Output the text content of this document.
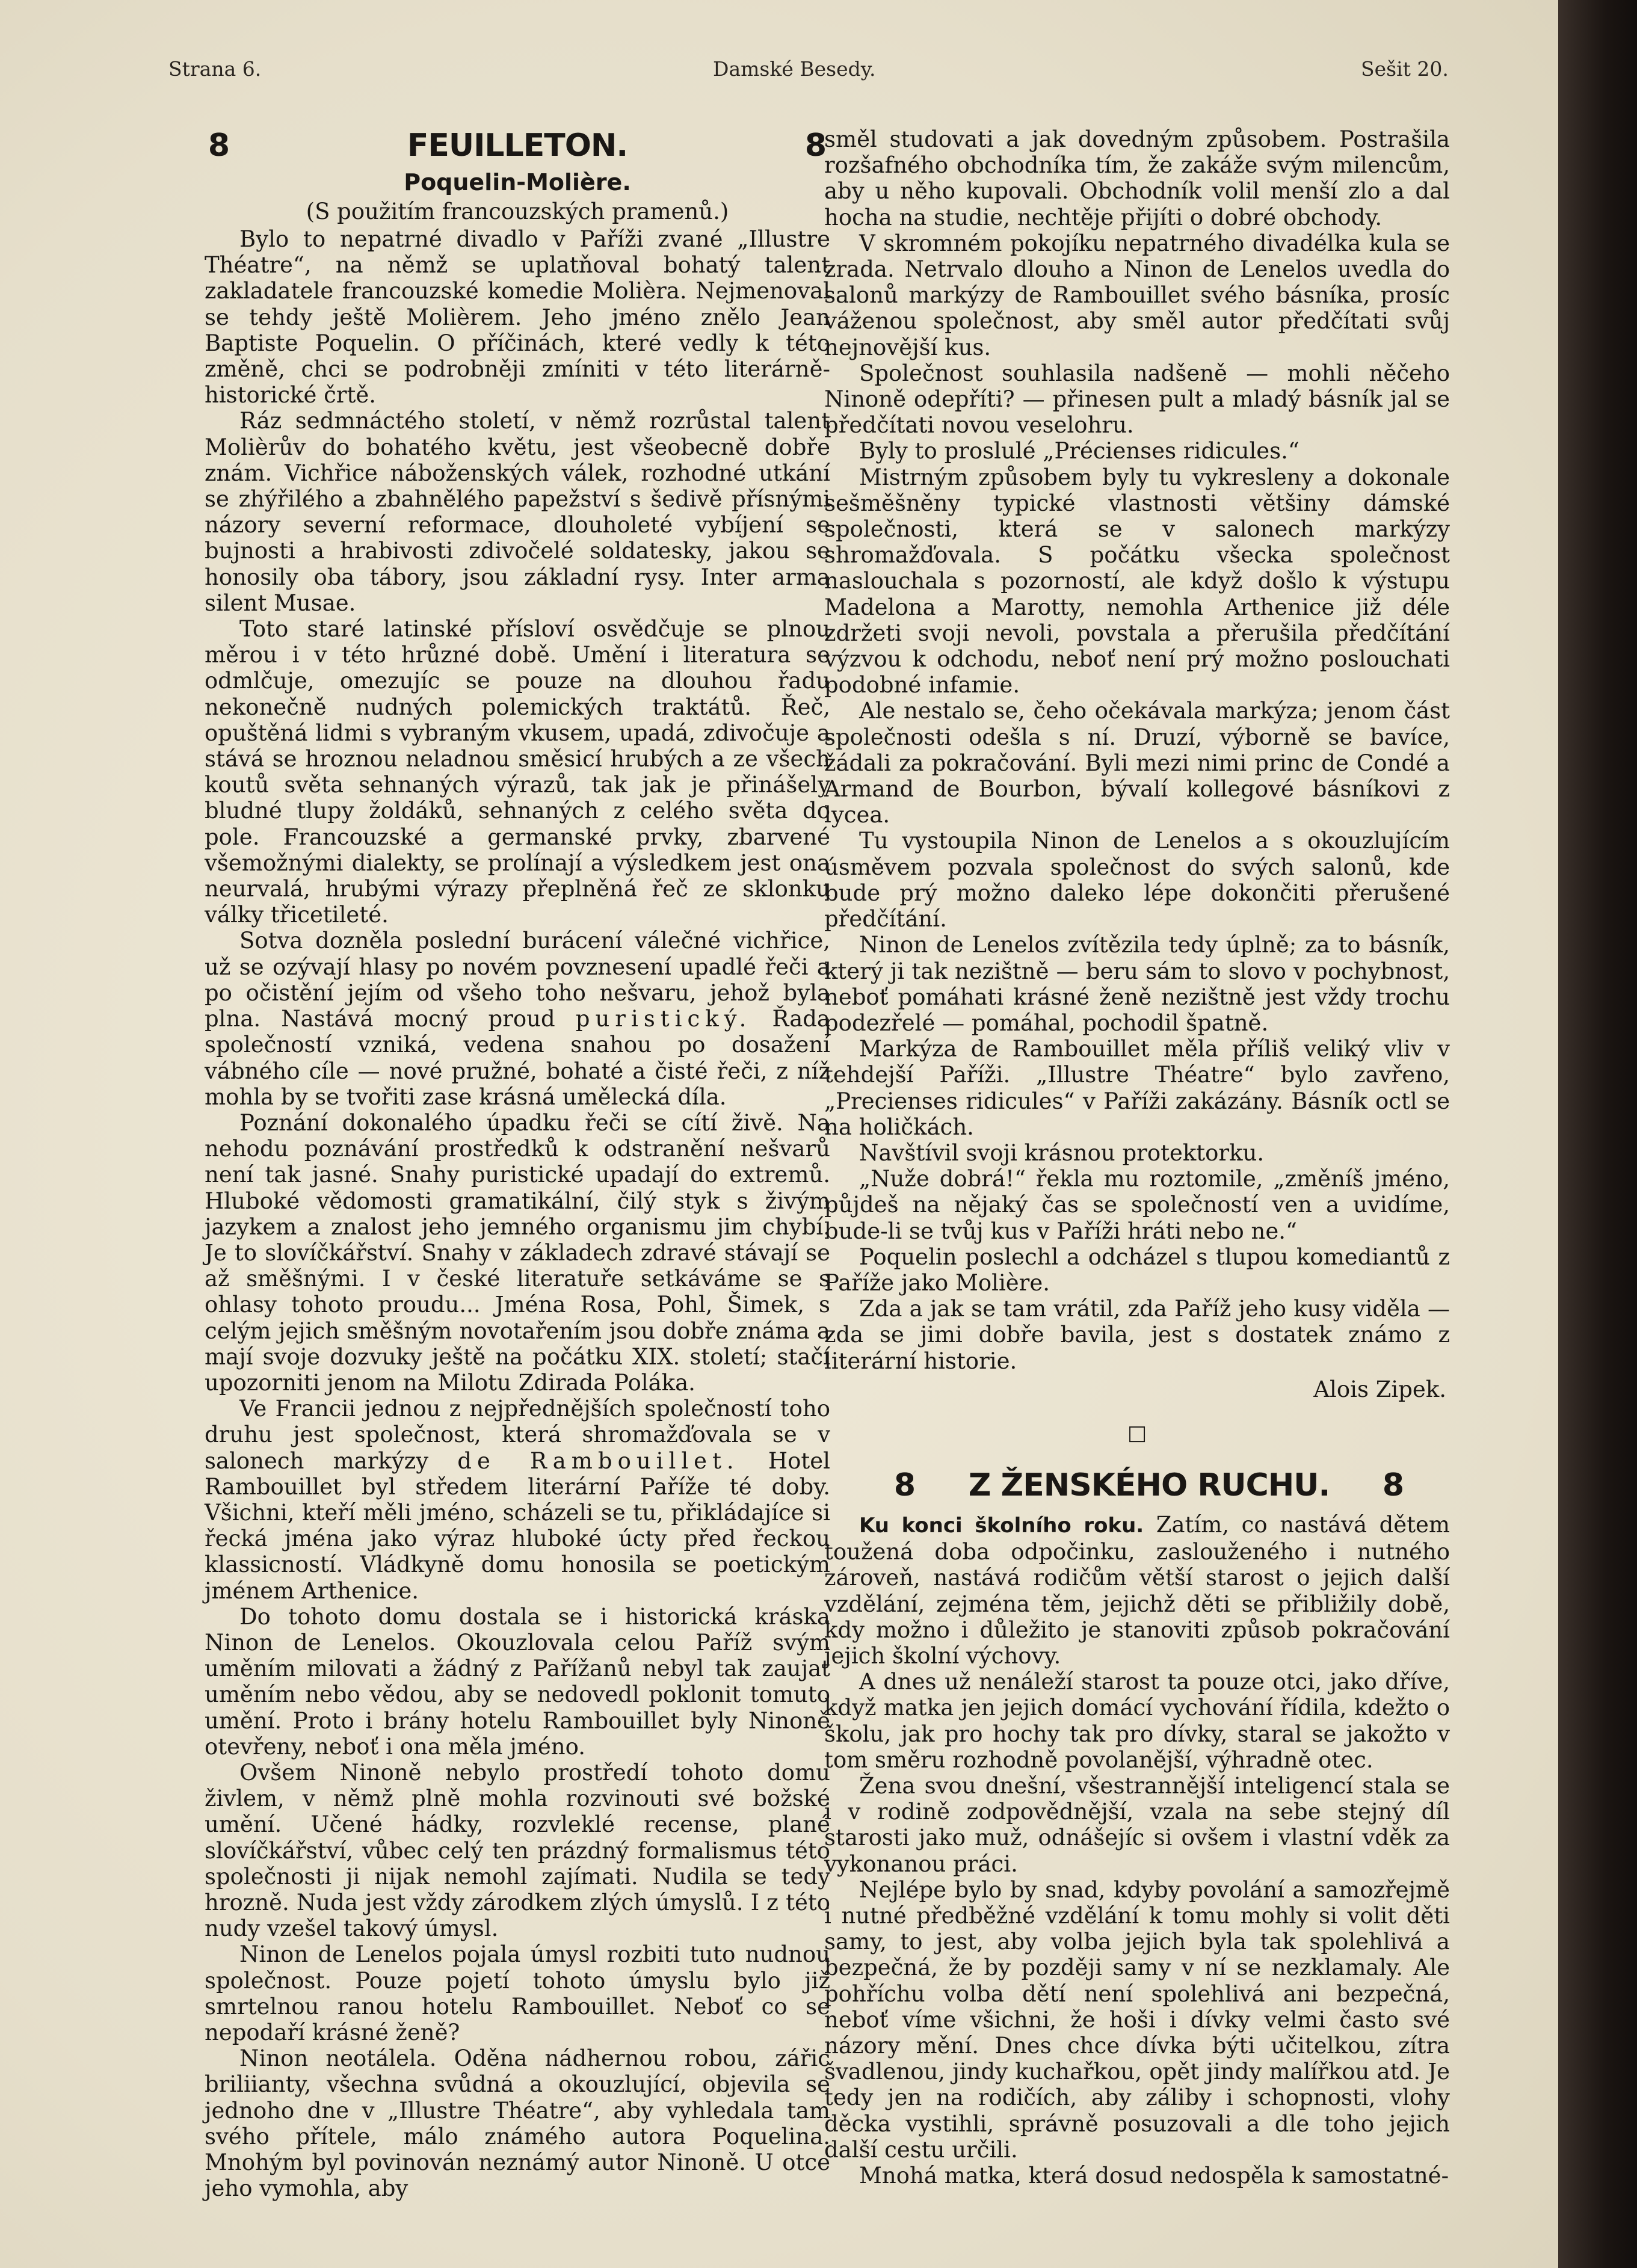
Strana 6.	Damské Besedy.	Sešit 20.
8	FEUILLETON.	8
Poquelin-Molière.
(S použitím francouzských pramenů.)

Bylo to nepatrné divadlo v Paříži zvané „Illustre Théatre“, na němž se uplatňoval bohatý talent zakladatele francouzské komedie Molièra. Nejmenoval se tehdy ještě Molièrem. Jeho jméno znělo Jean Baptiste Poquelin. O příčinách, které vedly k této změně, chci se podrobněji zmíniti v této literárně-historické črtě.

Ráz sedmnáctého století, v němž rozrůstal talent Molièrův do bohatého květu, jest všeobecně dobře znám. Vichřice náboženských válek, rozhodné utkání se zhýřilého a zbahnělého papežství s šedivě přísnými názory severní reformace, dlouholeté vybíjení se bujnosti a hrabivosti zdivočelé soldatesky, jakou se honosily oba tábory, jsou základní rysy. Inter arma silent Musae.

Toto staré latinské přísloví osvědčuje se plnou měrou i v této hrůzné době. Umění i literatura se odmlčuje, omezujíc se pouze na dlouhou řadu nekonečně nudných polemických traktátů. Řeč, opuštěná lidmi s vybraným vkusem, upadá, zdivočuje a stává se hroznou neladnou směsicí hrubých a ze všech koutů světa sehnaných výrazů, tak jak je přinášely bludné tlupy žoldáků, sehnaných z celého světa do pole. Francouzské a germanské prvky, zbarvené všemožnými dialekty, se prolínají a výsledkem jest ona neurvalá, hrubými výrazy přeplněná řeč ze sklonku války třicetileté.

Sotva dozněla poslední burácení válečné vichřice, už se ozývají hlasy po novém povznesení upadlé řeči a po očistění jejím od všeho toho nešvaru, jehož byla plna. Nastává mocný proud puristický. Řada společností vzniká, vedena snahou po dosažení vábného cíle — nové pružné, bohaté a čisté řeči, z níž mohla by se tvořiti zase krásná umělecká díla.

Poznání dokonalého úpadku řeči se cítí živě. Na nehodu poznávání prostředků k odstranění nešvarů není tak jasné. Snahy puristické upadají do extremů. Hluboké vědomosti gramatikální, čilý styk s živým jazykem a znalost jeho jemného organismu jim chybí. Je to slovíčkářství. Snahy v základech zdravé stávají se až směšnými. I v české literatuře setkáváme se s ohlasy tohoto proudu... Jména Rosa, Pohl, Šimek, s celým jejich směšným novotařením jsou dobře známa a mají svoje dozvuky ještě na počátku XIX. století; stačí upozorniti jenom na Milotu Zdirada Poláka.

Ve Francii jednou z nejpřednějších společností toho druhu jest společnost, která shromažďovala se v salonech markýzy de Rambouillet. Hotel Rambouillet byl středem literární Paříže té doby. Všichni, kteří měli jméno, scházeli se tu, přikládajíce si řecká jména jako výraz hluboké úcty před řeckou klassicností. Vládkyně domu honosila se poetickým jménem Arthenice.

Do tohoto domu dostala se i historická kráska Ninon de Lenelos. Okouzlovala celou Paříž svým uměním milovati a žádný z Pařížanů nebyl tak zaujat uměním nebo vědou, aby se nedovedl poklonit tomuto umění. Proto i brány hotelu Rambouillet byly Ninoně otevřeny, neboť i ona měla jméno.

Ovšem Ninoně nebylo prostředí tohoto domu živlem, v němž plně mohla rozvinouti své božské umění. Učené hádky, rozvleklé recense, plané slovíčkářství, vůbec celý ten prázdný formalismus této společnosti ji nijak nemohl zajímati. Nudila se tedy hrozně. Nuda jest vždy zárodkem zlých úmyslů. I z této nudy vzešel takový úmysl.

Ninon de Lenelos pojala úmysl rozbiti tuto nudnou společnost. Pouze pojetí tohoto úmyslu bylo již smrtelnou ranou hotelu Rambouillet. Neboť co se nepodaří krásné ženě?

Ninon neotálela. Oděna nádhernou robou, zářic briliianty, všechna svůdná a okouzlující, objevila se jednoho dne v „Illustre Théatre“, aby vyhledala tam svého přítele, málo známého autora Poquelina. Mnohým byl povinován neznámý autor Ninoně. U otce jeho vymohla, aby

směl studovati a jak dovedným způsobem. Postrašila rozšafného obchodníka tím, že zakáže svým milencům, aby u něho kupovali. Obchodník volil menší zlo a dal hocha na studie, nechtěje přijíti o dobré obchody.

V skromném pokojíku nepatrného divadélka kula se zrada. Netrvalo dlouho a Ninon de Lenelos uvedla do salonů markýzy de Rambouillet svého básníka, prosíc váženou společnost, aby směl autor předčítati svůj nejnovější kus.

Společnost souhlasila nadšeně — mohli něčeho Ninoně odepříti? — přinesen pult a mladý básník jal se předčítati novou veselohru.

Byly to proslulé „Précienses ridicules.“

Mistrným způsobem byly tu vykresleny a dokonale sešměšněny typické vlastnosti většiny dámské společnosti, která se v salonech markýzy shromažďovala. S počátku všecka společnost naslouchala s pozorností, ale když došlo k výstupu Madelona a Marotty, nemohla Arthenice již déle zdržeti svoji nevoli, povstala a přerušila předčítání výzvou k odchodu, neboť není prý možno poslouchati podobné infamie.

Ale nestalo se, čeho očekávala markýza; jenom část společnosti odešla s ní. Druzí, výborně se bavíce, žádali za pokračování. Byli mezi nimi princ de Condé a Armand de Bourbon, bývalí kollegové básníkovi z lycea.

Tu vystoupila Ninon de Lenelos a s okouzlujícím úsměvem pozvala společnost do svých salonů, kde bude prý možno daleko lépe dokončiti přerušené předčítání.

Ninon de Lenelos zvítězila tedy úplně; za to básník, který ji tak nezištně — beru sám to slovo v pochybnost, neboť pomáhati krásné ženě nezištně jest vždy trochu podezřelé — pomáhal, pochodil špatně.

Markýza de Rambouillet měla příliš veliký vliv v tehdejší Paříži. „Illustre Théatre“ bylo zavřeno, „Precienses ridicules“ v Paříži zakázány. Básník octl se na holičkách.

Navštívil svoji krásnou protektorku.

„Nuže dobrá!“ řekla mu roztomile, „změníš jméno, půjdeš na nějaký čas se společností ven a uvidíme, bude-li se tvůj kus v Paříži hráti nebo ne.“

Poquelin poslechl a odcházel s tlupou komediantů z Paříže jako Molière.

Zda a jak se tam vrátil, zda Paříž jeho kusy viděla — zda se jimi dobře bavila, jest s dostatek známo z literární historie.

Alois Zipek.
□
8 Z ŽENSKÉHO RUCHU. 8

Ku konci školního roku. Zatím, co nastává dětem toužená doba odpočinku, zaslouženého i nutného zároveň, nastává rodičům větší starost o jejich další vzdělání, zejména těm, jejichž děti se přibližily době, kdy možno i důležito je stanoviti způsob pokračování jejich školní výchovy.

A dnes už nenáleží starost ta pouze otci, jako dříve, když matka jen jejich domácí vychování řídila, kdežto o školu, jak pro hochy tak pro dívky, staral se jakožto v tom směru rozhodně povolanější, výhradně otec.

Žena svou dnešní, všestrannější inteligencí stala se i v rodině zodpovědnější, vzala na sebe stejný díl starosti jako muž, odnášejíc si ovšem i vlastní vděk za vykonanou práci.

Nejlépe bylo by snad, kdyby povolání a samozřejmě i nutné předběžné vzdělání k tomu mohly si volit děti samy, to jest, aby volba jejich byla tak spolehlivá a bezpečná, že by později samy v ní se nezklamaly. Ale pohříchu volba dětí není spolehlivá ani bezpečná, neboť víme všichni, že hoši i dívky velmi často své názory mění. Dnes chce dívka býti učitelkou, zítra švadlenou, jindy kuchařkou, opět jindy malířkou atd. Je tedy jen na rodičích, aby záliby i schopnosti, vlohy děcka vystihli, správně posuzovali a dle toho jejich další cestu určili.

Mnohá matka, která dosud nedospěla k samostatné-
